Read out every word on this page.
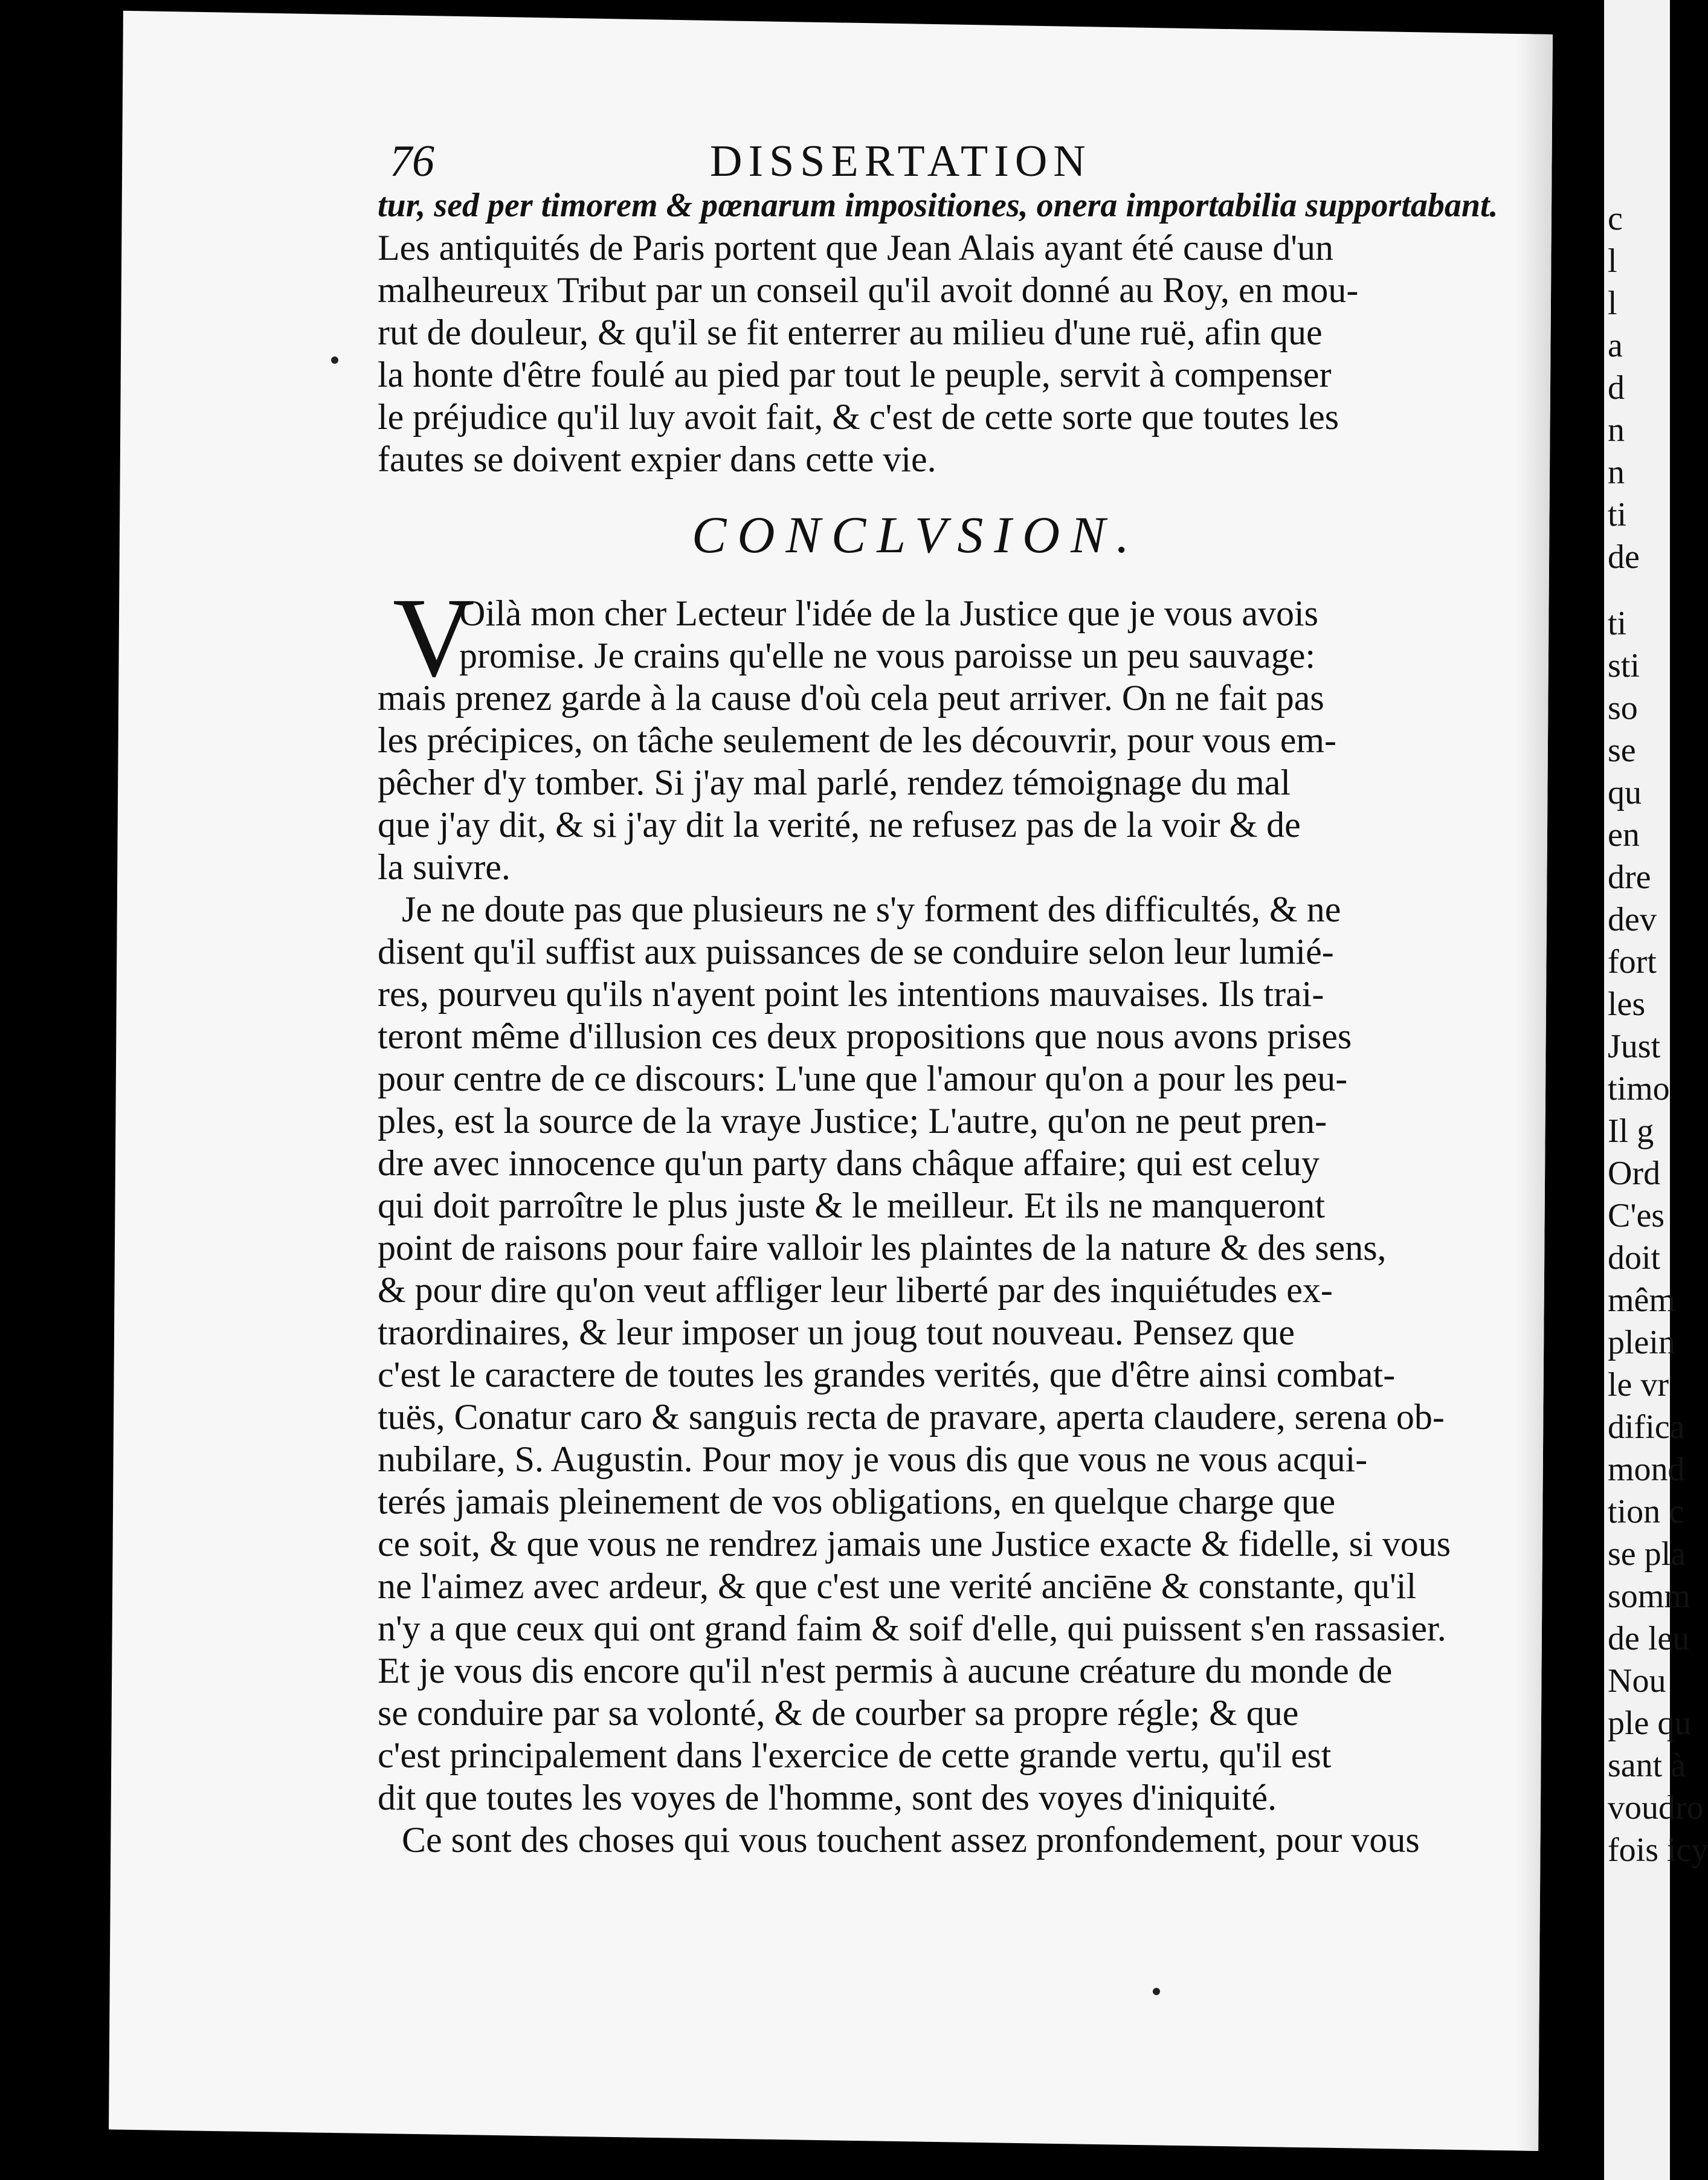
c
l
l
a
d
n
n
ti
de
ti
sti
so
se
qu
en
dre
dev
fort
les
Just
timo
Il g
Ord
C'es
doit
mêm
plein
le vr
difica
mond
tion c
se pla
somm
de leu
Nou
ple qu
sant à
voudro
fois icy
76	DISSERTATION
tur, sed per timorem & pœnarum impositiones, onera importabilia supportabant.
Les antiquités de Paris portent que Jean Alais ayant été cause d'un
malheureux Tribut par un conseil qu'il avoit donné au Roy, en mou-
rut de douleur, & qu'il se fit enterrer au milieu d'une ruë, afin que
la honte d'être foulé au pied par tout le peuple, servit à compenser
le préjudice qu'il luy avoit fait, & c'est de cette sorte que toutes les
fautes se doivent expier dans cette vie.
CONCLVSION.
V
Oilà mon cher Lecteur l'idée de la Justice que je vous avois
promise. Je crains qu'elle ne vous paroisse un peu sauvage:
mais prenez garde à la cause d'où cela peut arriver. On ne fait pas
les précipices, on tâche seulement de les découvrir, pour vous em-
pêcher d'y tomber. Si j'ay mal parlé, rendez témoignage du mal
que j'ay dit, & si j'ay dit la verité, ne refusez pas de la voir & de
la suivre.
Je ne doute pas que plusieurs ne s'y forment des difficultés, & ne
disent qu'il suffist aux puissances de se conduire selon leur lumié-
res, pourveu qu'ils n'ayent point les intentions mauvaises. Ils trai-
teront même d'illusion ces deux propositions que nous avons prises
pour centre de ce discours: L'une que l'amour qu'on a pour les peu-
ples, est la source de la vraye Justice; L'autre, qu'on ne peut pren-
dre avec innocence qu'un party dans châque affaire; qui est celuy
qui doit parroître le plus juste & le meilleur. Et ils ne manqueront
point de raisons pour faire valloir les plaintes de la nature & des sens,
& pour dire qu'on veut affliger leur liberté par des inquiétudes ex-
traordinaires, & leur imposer un joug tout nouveau. Pensez que
c'est le caractere de toutes les grandes verités, que d'être ainsi combat-
tuës, Conatur caro & sanguis recta de pravare, aperta claudere, serena ob-
nubilare, S. Augustin. Pour moy je vous dis que vous ne vous acqui-
terés jamais pleinement de vos obligations, en quelque charge que
ce soit, & que vous ne rendrez jamais une Justice exacte & fidelle, si vous
ne l'aimez avec ardeur, & que c'est une verité anciēne & constante, qu'il
n'y a que ceux qui ont grand faim & soif d'elle, qui puissent s'en rassasier.
Et je vous dis encore qu'il n'est permis à aucune créature du monde de
se conduire par sa volonté, & de courber sa propre régle; & que
c'est principalement dans l'exercice de cette grande vertu, qu'il est
dit que toutes les voyes de l'homme, sont des voyes d'iniquité.
Ce sont des choses qui vous touchent assez pronfondement, pour vous
